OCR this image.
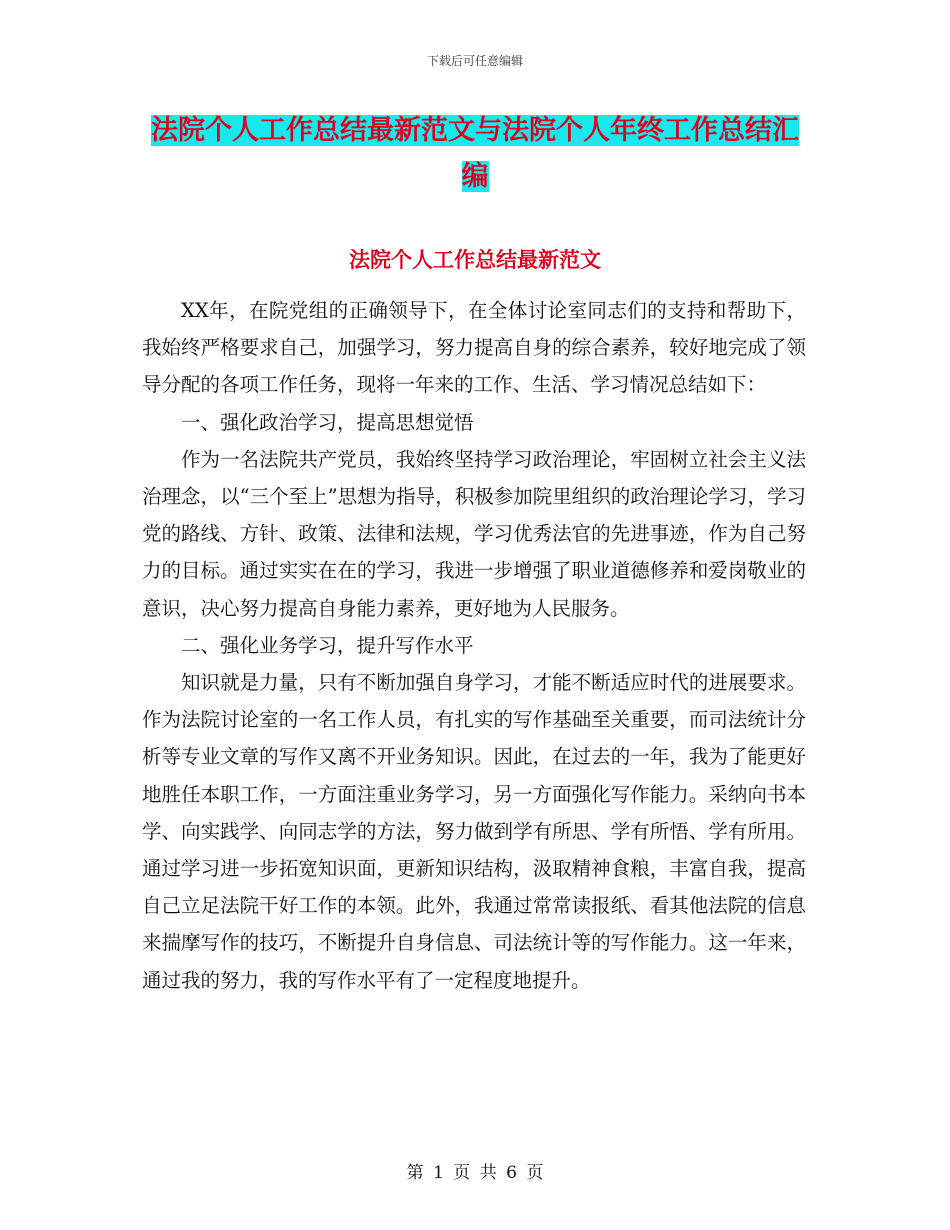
下载后可任意编辑
法院个人工作总结最新范文与法院个人年终工作总结汇编
法院个人工作总结最新范文

XX年，在院党组的正确领导下，在全体讨论室同志们的支持和帮助下，我始终严格要求自己，加强学习，努力提高自身的综合素养，较好地完成了领导分配的各项工作任务，现将一年来的工作、生活、学习情况总结如下：

一、强化政治学习，提高思想觉悟

作为一名法院共产党员，我始终坚持学习政治理论，牢固树立社会主义法治理念，以“三个至上”思想为指导，积极参加院里组织的政治理论学习，学习党的路线、方针、政策、法律和法规，学习优秀法官的先进事迹，作为自己努力的目标。通过实实在在的学习，我进一步增强了职业道德修养和爱岗敬业的意识，决心努力提高自身能力素养，更好地为人民服务。

二、强化业务学习，提升写作水平

知识就是力量，只有不断加强自身学习，才能不断适应时代的进展要求。作为法院讨论室的一名工作人员，有扎实的写作基础至关重要，而司法统计分析等专业文章的写作又离不开业务知识。因此，在过去的一年，我为了能更好地胜任本职工作，一方面注重业务学习，另一方面强化写作能力。采纳向书本学、向实践学、向同志学的方法，努力做到学有所思、学有所悟、学有所用。通过学习进一步拓宽知识面，更新知识结构，汲取精神食粮，丰富自我，提高自己立足法院干好工作的本领。此外，我通过常常读报纸、看其他法院的信息来揣摩写作的技巧，不断提升自身信息、司法统计等的写作能力。这一年来，通过我的努力，我的写作水平有了一定程度地提升。

第 1 页 共 6 页
